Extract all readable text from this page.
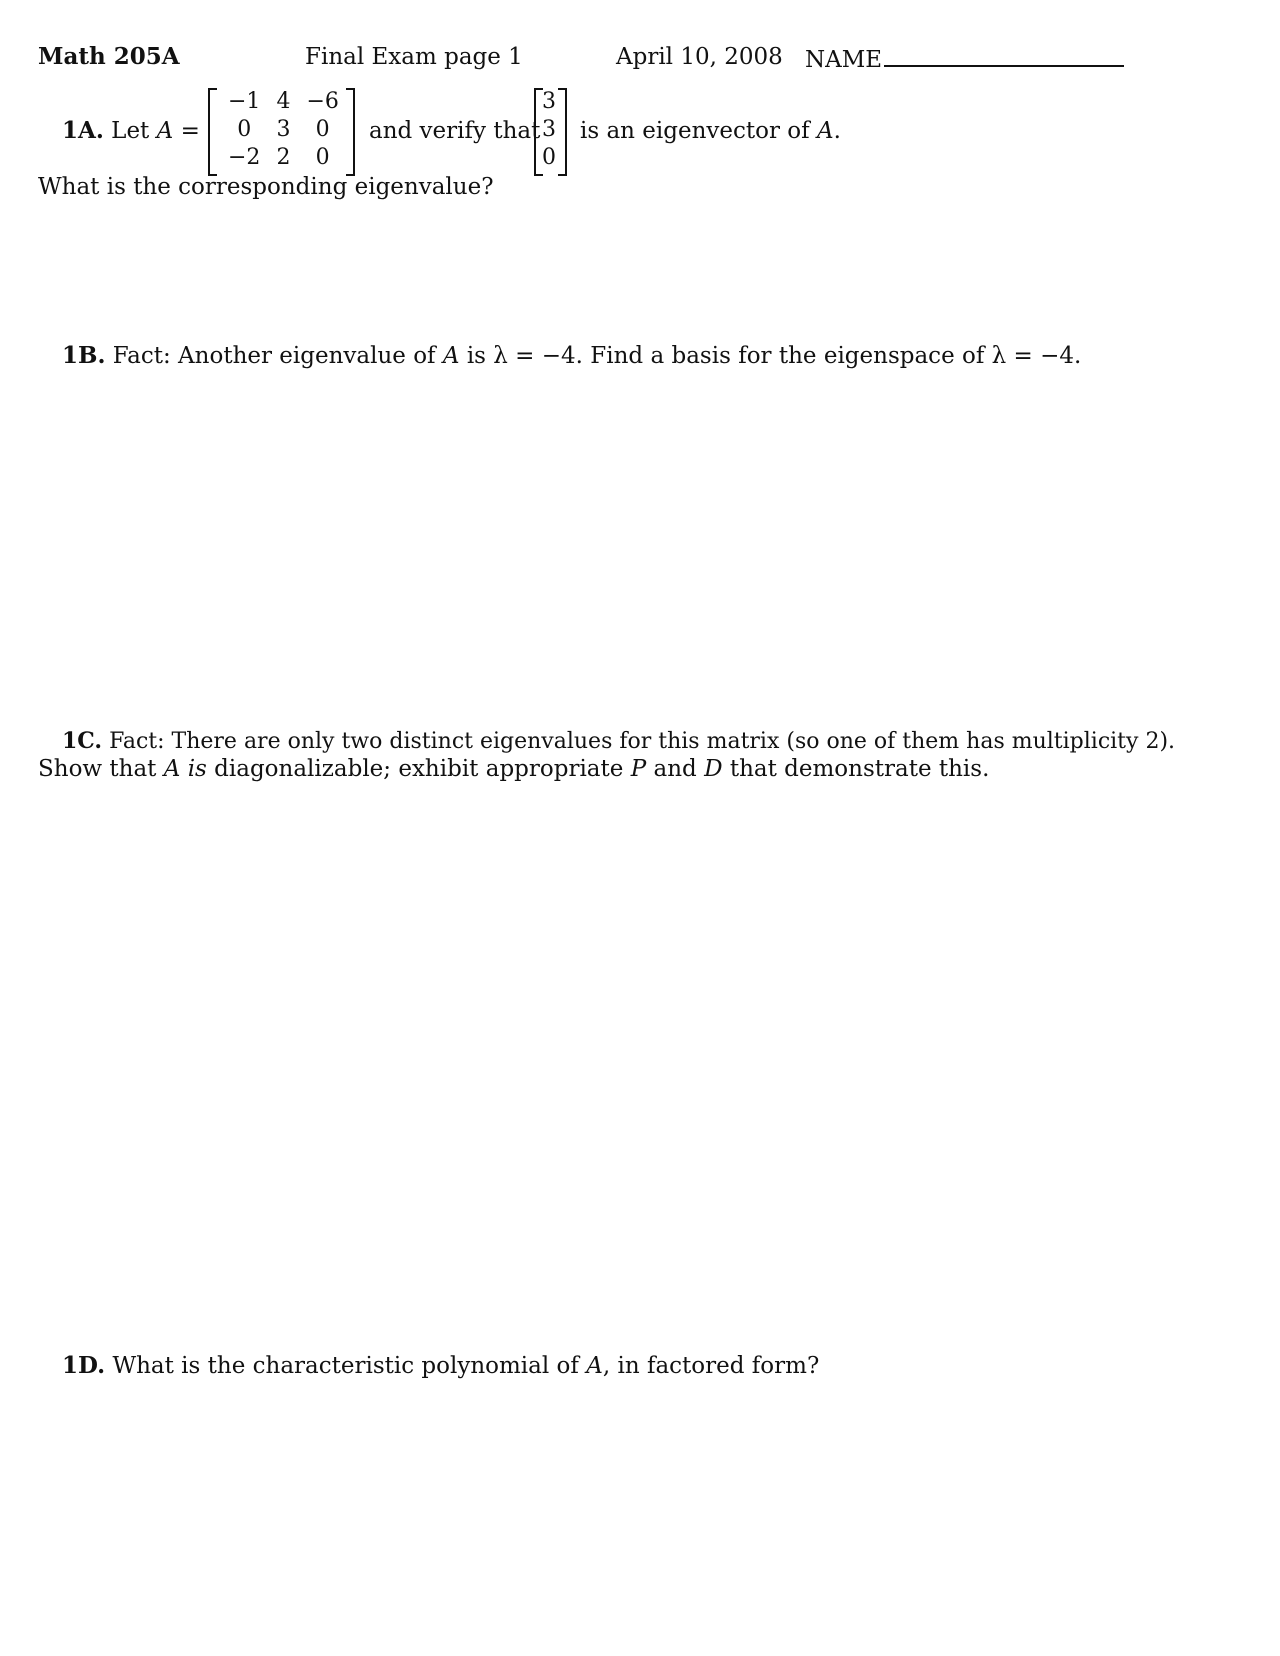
Math 205A	Final Exam page 1	April 10, 2008 NAME
1A. Let A =
−1	4	−6
0	3	0
−2	2	0
and verify that
3
3
0
is an eigenvector of A.
What is the corresponding eigenvalue?
1B. Fact: Another eigenvalue of A is λ = −4. Find a basis for the eigenspace of λ = −4.
1C. Fact: There are only two distinct eigenvalues for this matrix (so one of them has multiplicity 2).
Show that A is diagonalizable; exhibit appropriate P and D that demonstrate this.
1D. What is the characteristic polynomial of A, in factored form?
